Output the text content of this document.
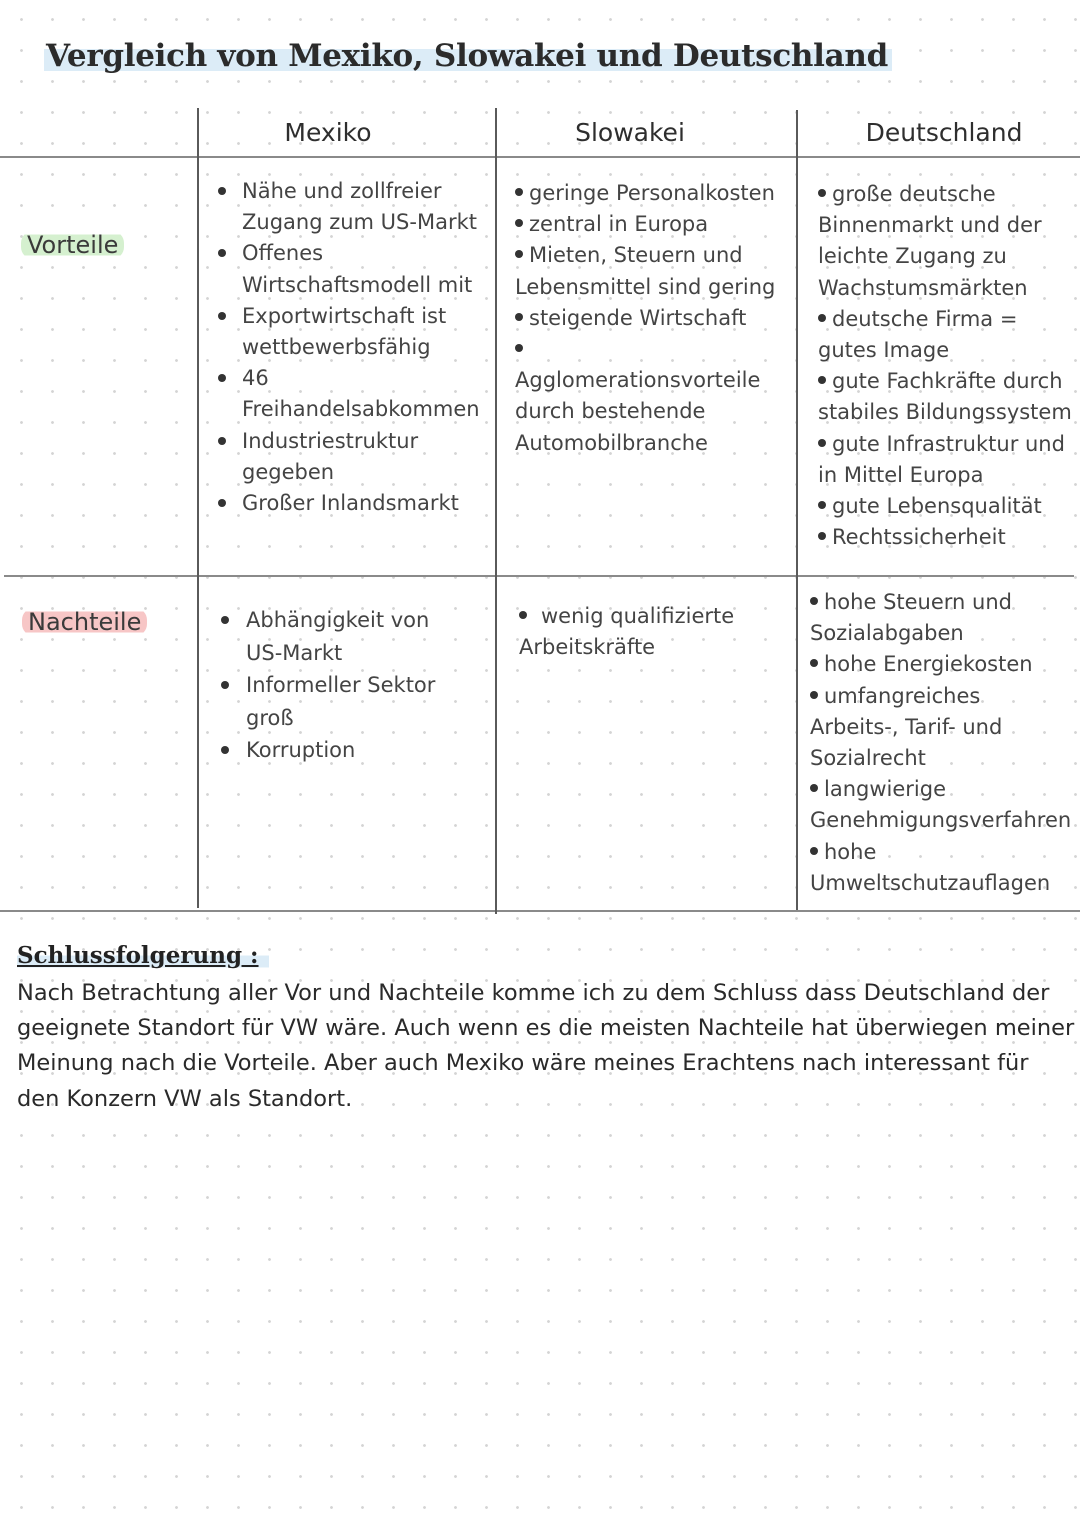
Vergleich von Mexiko, Slowakei und Deutschland
Mexiko	Slowakei	Deutschland
Vorteile
Nachteile
Nähe und zollfreier Zugang zum US-Markt
Offenes Wirtschaftsmodell mit
Exportwirtschaft ist wettbewerbsfähig
46 Freihandelsabkommen
Industriestruktur gegeben
Großer Inlandsmarkt
geringe Personalkosten
zentral in Europa
Mieten, Steuern und Lebensmittel sind gering
steigende Wirtschaft
Agglomerationsvorteile durch bestehende Automobilbranche
große deutsche Binnenmarkt und der leichte Zugang zu Wachstumsmärkten
deutsche Firma = gutes Image
gute Fachkräfte durch stabiles Bildungssystem
gute Infrastruktur und in Mittel Europa
gute Lebensqualität
Rechtssicherheit
Abhängigkeit von US-Markt
Informeller Sektor groß
Korruption
wenig qualifizierte Arbeitskräfte
hohe Steuern und Sozialabgaben
hohe Energiekosten
umfangreiches Arbeits-, Tarif- und Sozialrecht
langwierige Genehmigungsverfahren
hohe Umweltschutzauflagen
Schlussfolgerung :
Nach Betrachtung aller Vor und Nachteile komme ich zu dem Schluss dass Deutschland der geeignete Standort für VW wäre. Auch wenn es die meisten Nachteile hat überwiegen meiner Meinung nach die Vorteile. Aber auch Mexiko wäre meines Erachtens nach interessant für den Konzern VW als Standort.
